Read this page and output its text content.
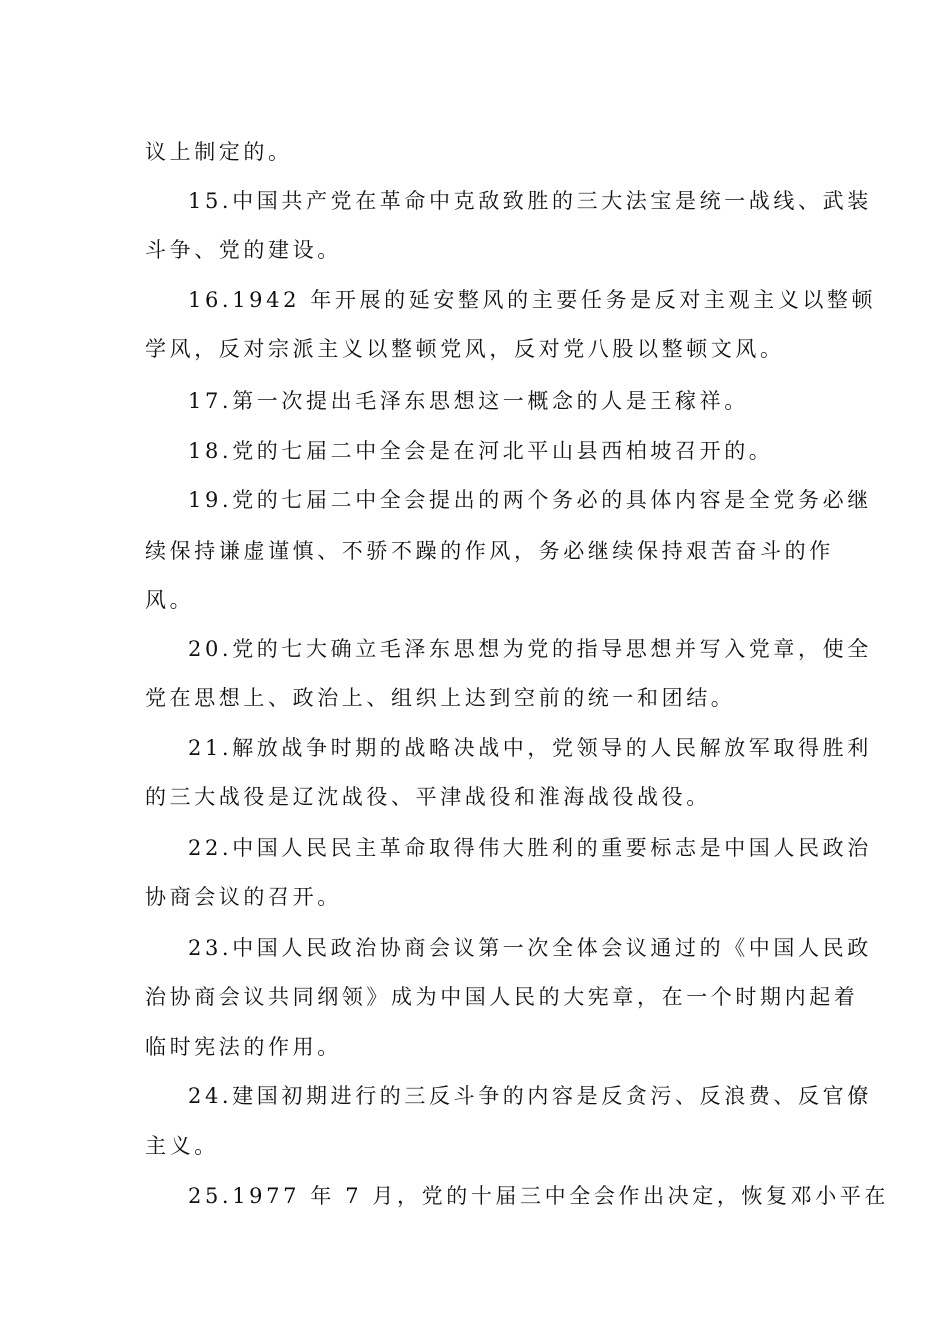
议上制定的。
15.中国共产党在革命中克敌致胜的三大法宝是统一战线、武装
斗争、党的建设。
16.1942 年开展的延安整风的主要任务是反对主观主义以整顿
学风，反对宗派主义以整顿党风，反对党八股以整顿文风。
17.第一次提出毛泽东思想这一概念的人是王稼祥。
18.党的七届二中全会是在河北平山县西柏坡召开的。
19.党的七届二中全会提出的两个务必的具体内容是全党务必继
续保持谦虚谨慎、不骄不躁的作风，务必继续保持艰苦奋斗的作
风。
20.党的七大确立毛泽东思想为党的指导思想并写入党章，使全
党在思想上、政治上、组织上达到空前的统一和团结。
21.解放战争时期的战略决战中，党领导的人民解放军取得胜利
的三大战役是辽沈战役、平津战役和淮海战役战役。
22.中国人民民主革命取得伟大胜利的重要标志是中国人民政治
协商会议的召开。
23.中国人民政治协商会议第一次全体会议通过的《中国人民政
治协商会议共同纲领》成为中国人民的大宪章，在一个时期内起着
临时宪法的作用。
24.建国初期进行的三反斗争的内容是反贪污、反浪费、反官僚
主义。
25.1977 年 7 月，党的十届三中全会作出决定，恢复邓小平在
